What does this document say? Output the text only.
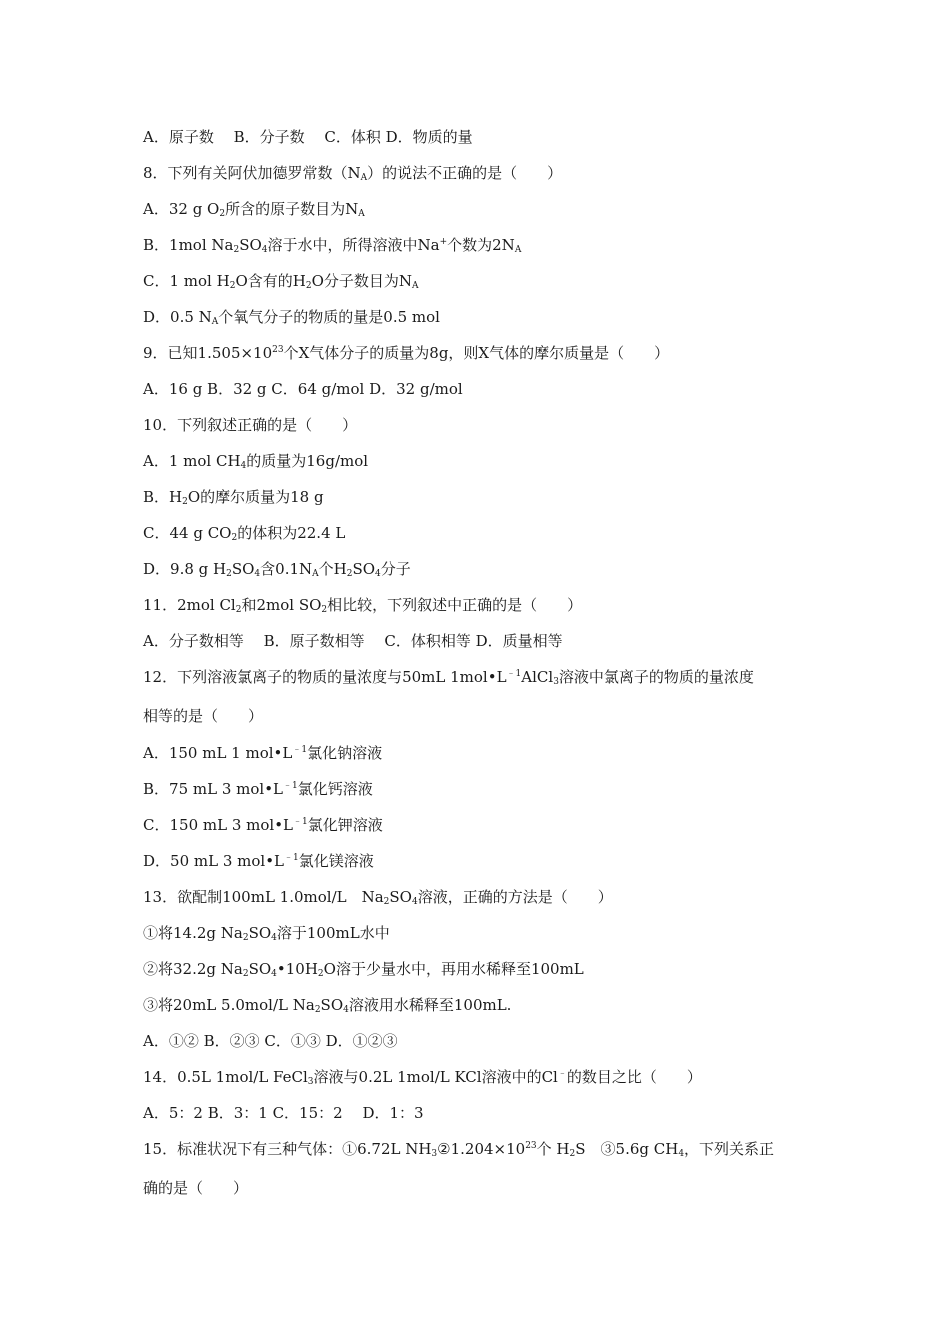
A．原子数　 B．分子数　 C．体积 D．物质的量
8．下列有关阿伏加德罗常数$(N_A)$的说法不正确的是（　　）
A．32 g $O_2$所含的原子数目为$N_A$
B．1mol $Na_2SO_4$溶于水中，所得溶液中Na+个数为$2N_A$
C．1 mol $H_2O$含有的$H_2O$分子数目为$N_A$
D．0.5 $N_A$个氧气分子的物质的量是0.5 mol
9．已知$1.505\times 10^{23}$个X气体分子的质量为8g，则X气体的摩尔质量是（　　）
A．16 g B．32 g C．64 g/mol D．32 g/mol
10．下列叙述正确的是（　　）
A．1 mol $CH_4$的质量为16g/mol
B．$H_2O$的摩尔质量为18 g
C．44 g $CO_2$的体积为22.4 L
D．9.8 g $H_2SO_4$含$0.1N_A$个$H_2SO_4$分子
11．2mol $Cl_2$和2mol $SO_2$相比较，下列叙述中正确的是（　　）
A．分子数相等　 B．原子数相等　 C．体积相等 D．质量相等
12．下列溶液氯离子的物质的量浓度与50mL $1mol•L^{﹣1}AlCl_3$溶液中氯离子的物质的量浓度
相等的是（　　）
A．150 mL 1 $mol•L^{﹣1}$氯化钠溶液
B．75 mL 3 $mol•L^{﹣1}$氯化钙溶液
C．150 mL 3 $mol•L^{﹣1}$氯化钾溶液
D．50 mL 3 $mol•L^{﹣1}$氯化镁溶液
13．欲配制100mL 1.0mol/L　$Na_2SO_4$溶液，正确的方法是（　　）
①将14.2g $Na_2SO_4$溶于100mL水中
②将32.2g $Na_2SO_4•10H_2O$溶于少量水中，再用水稀释至100mL
③将20mL 5.0mol/L $Na_2SO_4$溶液用水稀释至100mL.
A．①② B．②③ C．①③ D．①②③
14．0.5L 1mol/L FeCl$_3$溶液与0.2L 1mol/L KCl溶液中的Cl﹣的数目之比（　　）
A．5：2 B．3：1 C．15：2　 D．1：3
15．标准状况下有三种气体：①6.72L $NH_3②1.204\times 10^{23}$个 $H_2S$　③5.6g $CH_4$，下列关系正
确的是（　　）
